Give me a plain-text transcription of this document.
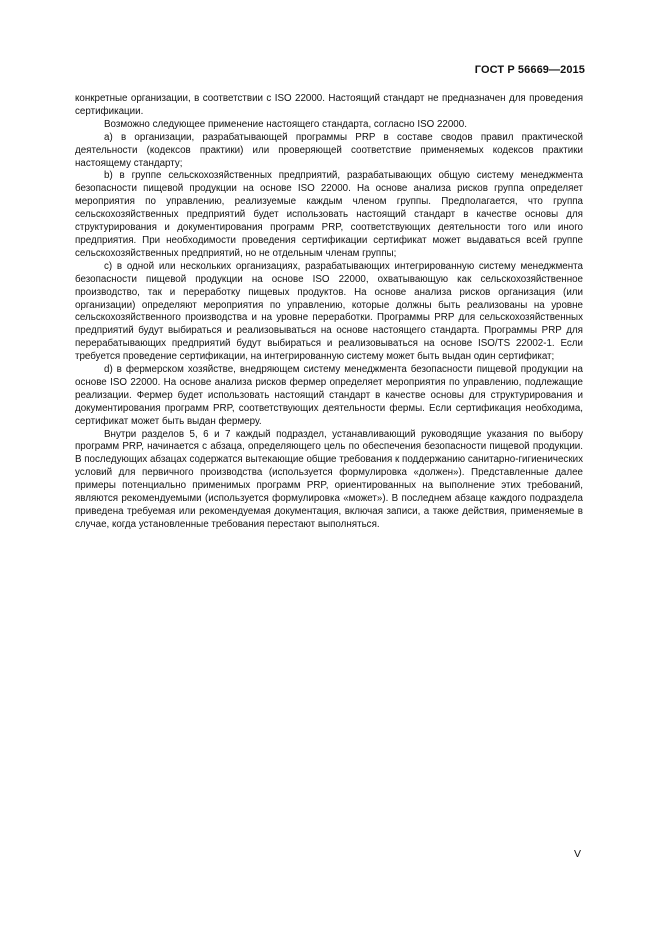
ГОСТ Р 56669—2015

конкретные организации, в соответствии с ISO 22000. Настоящий стандарт не предназначен для проведения сертификации.

Возможно следующее применение настоящего стандарта, согласно ISO 22000.

a) в организации, разрабатывающей программы PRP в составе сводов правил практической деятельности (кодексов практики) или проверяющей соответствие применяемых кодексов практики настоящему стандарту;

b) в группе сельскохозяйственных предприятий, разрабатывающих общую систему менеджмента безопасности пищевой продукции на основе ISO 22000. На основе анализа рисков группа определяет мероприятия по управлению, реализуемые каждым членом группы. Предполагается, что группа сельскохозяйственных предприятий будет использовать настоящий стандарт в качестве основы для структурирования и документирования программ PRP, соответствующих деятельности того или иного предприятия. При необходимости проведения сертификации сертификат может выдаваться всей группе сельскохозяйственных предприятий, но не отдельным членам группы;

c) в одной или нескольких организациях, разрабатывающих интегрированную систему менеджмента безопасности пищевой продукции на основе ISO 22000, охватывающую как сельскохозяйственное производство, так и переработку пищевых продуктов. На основе анализа рисков организация (или организации) определяют мероприятия по управлению, которые должны быть реализованы на уровне сельскохозяйственного производства и на уровне переработки. Программы PRP для сельскохозяйственных предприятий будут выбираться и реализовываться на основе настоящего стандарта. Программы PRP для перерабатывающих предприятий будут выбираться и реализовываться на основе ISO/TS 22002-1. Если требуется проведение сертификации, на интегрированную систему может быть выдан один сертификат;

d) в фермерском хозяйстве, внедряющем систему менеджмента безопасности пищевой продукции на основе ISO 22000. На основе анализа рисков фермер определяет мероприятия по управлению, подлежащие реализации. Фермер будет использовать настоящий стандарт в качестве основы для структурирования и документирования программ PRP, соответствующих деятельности фермы. Если сертификация необходима, сертификат может быть выдан фермеру.

Внутри разделов 5, 6 и 7 каждый подраздел, устанавливающий руководящие указания по выбору программ PRP, начинается с абзаца, определяющего цель по обеспечения безопасности пищевой продукции. В последующих абзацах содержатся вытекающие общие требования к поддержанию санитарно-гигиенических условий для первичного производства (используется формулировка «должен»). Представленные далее примеры потенциально применимых программ PRP, ориентированных на выполнение этих требований, являются рекомендуемыми (используется формулировка «может»). В последнем абзаце каждого подраздела приведена требуемая или рекомендуемая документация, включая записи, а также действия, применяемые в случае, когда установленные требования перестают выполняться.

V
